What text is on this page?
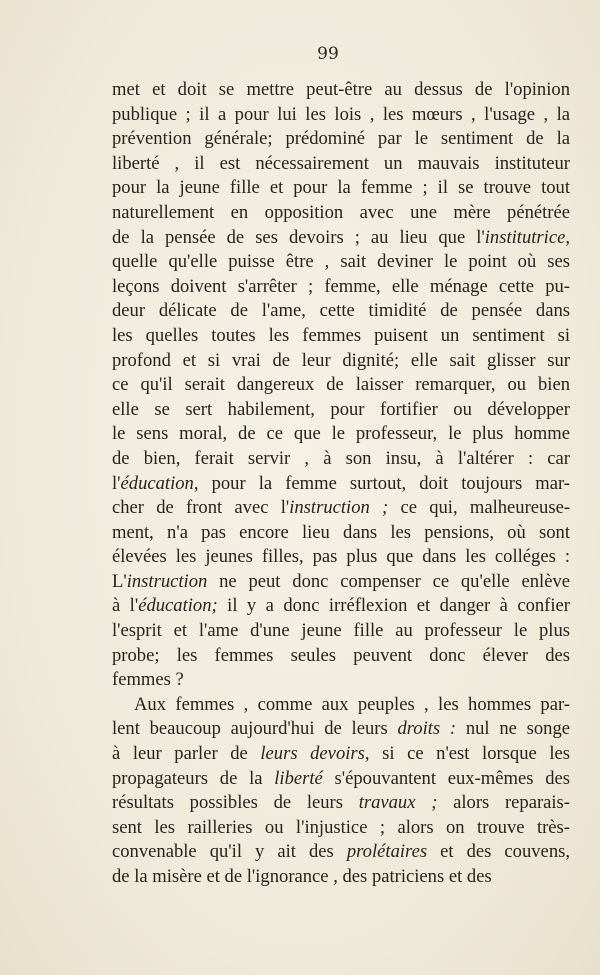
99
met et doit se mettre peut-être au dessus de l'opinion
publique ; il a pour lui les lois , les mœurs , l'usage , la
prévention générale; prédominé par le sentiment de la
liberté , il est nécessairement un mauvais instituteur
pour la jeune fille et pour la femme ; il se trouve tout
naturellement en opposition avec une mère pénétrée
de la pensée de ses devoirs ; au lieu que l'institutrice,
quelle qu'elle puisse être , sait deviner le point où ses
leçons doivent s'arrêter ; femme, elle ménage cette pu-
deur délicate de l'ame, cette timidité de pensée dans
les quelles toutes les femmes puisent un sentiment si
profond et si vrai de leur dignité; elle sait glisser sur
ce qu'il serait dangereux de laisser remarquer, ou bien
elle se sert habilement, pour fortifier ou développer
le sens moral, de ce que le professeur, le plus homme
de bien, ferait servir , à son insu, à l'altérer : car
l'éducation, pour la femme surtout, doit toujours mar-
cher de front avec l'instruction ; ce qui, malheureuse-
ment, n'a pas encore lieu dans les pensions, où sont
élevées les jeunes filles, pas plus que dans les colléges :
L'instruction ne peut donc compenser ce qu'elle enlève
à l'éducation; il y a donc irréflexion et danger à confier
l'esprit et l'ame d'une jeune fille au professeur le plus
probe; les femmes seules peuvent donc élever des
femmes ?
Aux femmes , comme aux peuples , les hommes par-
lent beaucoup aujourd'hui de leurs droits : nul ne songe
à leur parler de leurs devoirs, si ce n'est lorsque les
propagateurs de la liberté s'épouvantent eux-mêmes des
résultats possibles de leurs travaux ; alors reparais-
sent les railleries ou l'injustice ; alors on trouve très-
convenable qu'il y ait des prolétaires et des couvens,
de la misère et de l'ignorance , des patriciens et des
